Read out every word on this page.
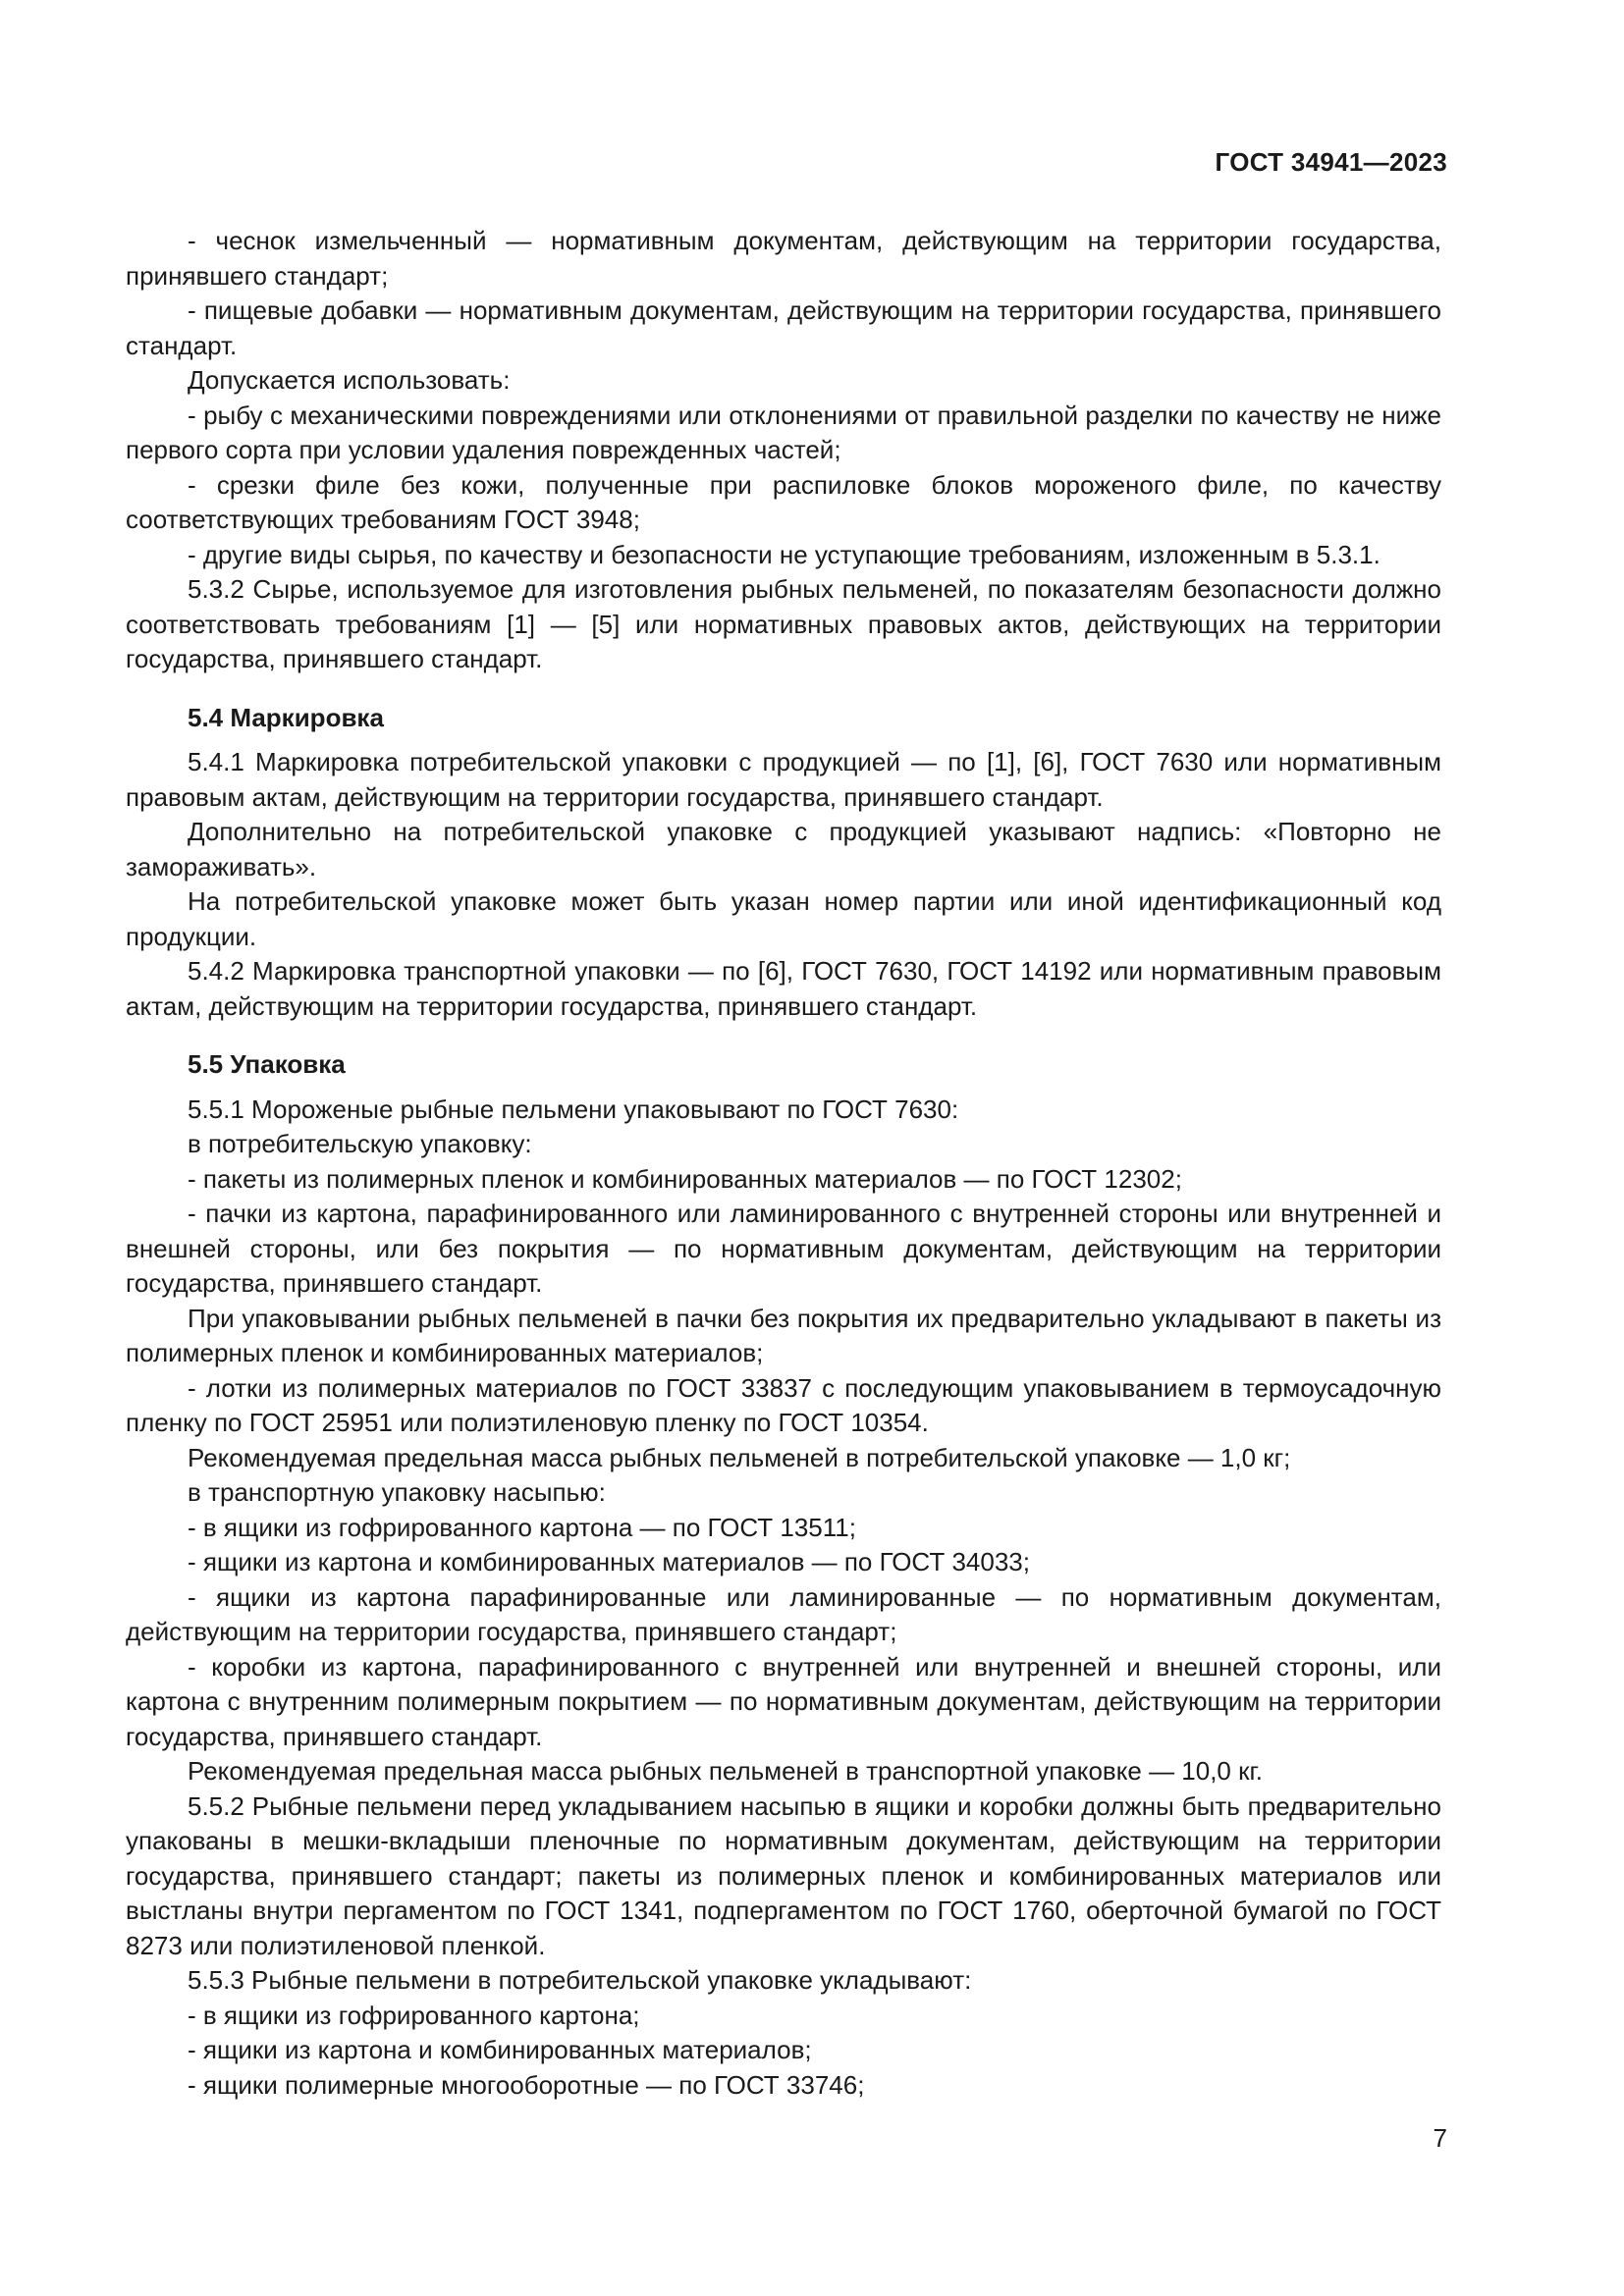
ГОСТ 34941—2023

- чеснок измельченный — нормативным документам, действующим на территории государства, принявшего стандарт;

- пищевые добавки — нормативным документам, действующим на территории государства, принявшего стандарт.

Допускается использовать:

- рыбу с механическими повреждениями или отклонениями от правильной разделки по качеству не ниже первого сорта при условии удаления поврежденных частей;

- срезки филе без кожи, полученные при распиловке блоков мороженого филе, по качеству соответствующих требованиям ГОСТ 3948;

- другие виды сырья, по качеству и безопасности не уступающие требованиям, изложенным в 5.3.1.

5.3.2 Сырье, используемое для изготовления рыбных пельменей, по показателям безопасности должно соответствовать требованиям [1] — [5] или нормативных правовых актов, действующих на территории государства, принявшего стандарт.

5.4 Маркировка

5.4.1 Маркировка потребительской упаковки с продукцией — по [1], [6], ГОСТ 7630 или нормативным правовым актам, действующим на территории государства, принявшего стандарт.

Дополнительно на потребительской упаковке с продукцией указывают надпись: «Повторно не замораживать».

На потребительской упаковке может быть указан номер партии или иной идентификационный код продукции.

5.4.2 Маркировка транспортной упаковки — по [6], ГОСТ 7630, ГОСТ 14192 или нормативным правовым актам, действующим на территории государства, принявшего стандарт.

5.5 Упаковка

5.5.1 Мороженые рыбные пельмени упаковывают по ГОСТ 7630:

в потребительскую упаковку:

- пакеты из полимерных пленок и комбинированных материалов — по ГОСТ 12302;

- пачки из картона, парафинированного или ламинированного с внутренней стороны или внутренней и внешней стороны, или без покрытия — по нормативным документам, действующим на территории государства, принявшего стандарт.

При упаковывании рыбных пельменей в пачки без покрытия их предварительно укладывают в пакеты из полимерных пленок и комбинированных материалов;

- лотки из полимерных материалов по ГОСТ 33837 с последующим упаковыванием в термоусадочную пленку по ГОСТ 25951 или полиэтиленовую пленку по ГОСТ 10354.

Рекомендуемая предельная масса рыбных пельменей в потребительской упаковке — 1,0 кг;

в транспортную упаковку насыпью:

- в ящики из гофрированного картона — по ГОСТ 13511;

- ящики из картона и комбинированных материалов — по ГОСТ 34033;

- ящики из картона парафинированные или ламинированные — по нормативным документам, действующим на территории государства, принявшего стандарт;

- коробки из картона, парафинированного с внутренней или внутренней и внешней стороны, или картона с внутренним полимерным покрытием — по нормативным документам, действующим на территории государства, принявшего стандарт.

Рекомендуемая предельная масса рыбных пельменей в транспортной упаковке — 10,0 кг.

5.5.2 Рыбные пельмени перед укладыванием насыпью в ящики и коробки должны быть предварительно упакованы в мешки-вкладыши пленочные по нормативным документам, действующим на территории государства, принявшего стандарт; пакеты из полимерных пленок и комбинированных материалов или выстланы внутри пергаментом по ГОСТ 1341, подпергаментом по ГОСТ 1760, оберточной бумагой по ГОСТ 8273 или полиэтиленовой пленкой.

5.5.3 Рыбные пельмени в потребительской упаковке укладывают:

- в ящики из гофрированного картона;

- ящики из картона и комбинированных материалов;

- ящики полимерные многооборотные — по ГОСТ 33746;

7
